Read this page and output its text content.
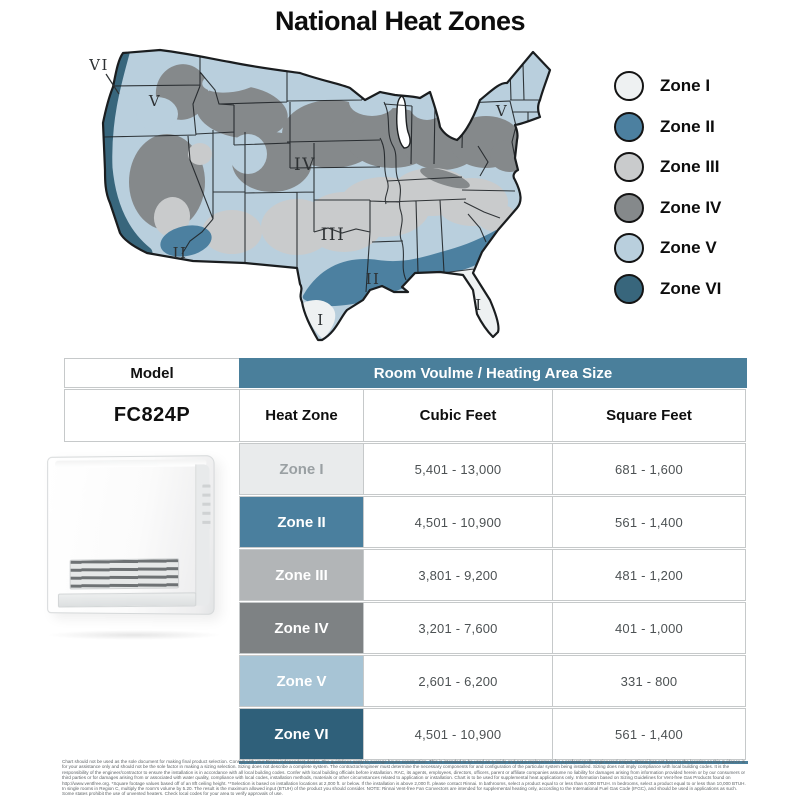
National Heat Zones
VI
V
V
IV
III
II
II
I
I
Zone I
Zone II
Zone III
Zone IV
Zone V
Zone VI
Model	Room Voulme / Heating Area Size
FC824P	Heat Zone	Cubic Feet	Square Feet
Zone I	5,401 - 13,000	681 - 1,600
Zone II	4,501 - 10,900	561 - 1,400
Zone III	3,801 - 9,200	481 - 1,200
Zone IV	3,201 - 7,600	401 - 1,000
Zone V	2,601 - 6,200	331 - 800
Zone VI	4,501 - 10,900	561 - 1,400
Chart should not be used as the sole document for making final product selection. Consult with your Rinnai independent dealer. The guidelines apply to average house construction. This is intended to be used as a guide and not a replacement for a professionally engineered project. Rinnai has not been to the location so this guidance is for your assistance only and should not be the sole factor in making a sizing selection. Sizing does not describe a complete system. The contractor/engineer must determine the necessary components for and configuration of the particular system being installed. Sizing does not imply compliance with local building codes. It is the responsibility of the engineer/contractor to ensure the installation is in accordance with all local building codes. Confer with local building officials before installation. RAC, its agents, employees, directors, officers, parent or affiliate companies assume no liability for damages arising from information provided herein or by our consumers or third parties or for damages arising from or associated with water quality, compliance with local codes, installation methods, materials or other circumstances related to application or installation. Chart is to be used for supplemental heat applications only. Information based on Sizing Guidelines for Vent-free Gas Products found on http://www.ventfree.org. *Square footage values based off of an 8ft ceiling height. **Selection is based on installation locations at 2,000 ft. or below. If the installation is above 2,000 ft. please contact Rinnai. In bathrooms, select a product equal to or less than 6,000 BTUH. In bedrooms, select a product equal to or less than 10,000 BTUH. In single rooms in Region C, multiply the room's volume by 5.20. The result is the maximum allowed input (BTUH) of the product you should consider. NOTE: Rinnai Vent-free Fan Convectors are intended for supplemental heating only, according to the International Fuel Gas Code (IFGC), and should be used in applications as such. Some states prohibit the use of unvented heaters. Check local codes for your area to verify approvals of use.
